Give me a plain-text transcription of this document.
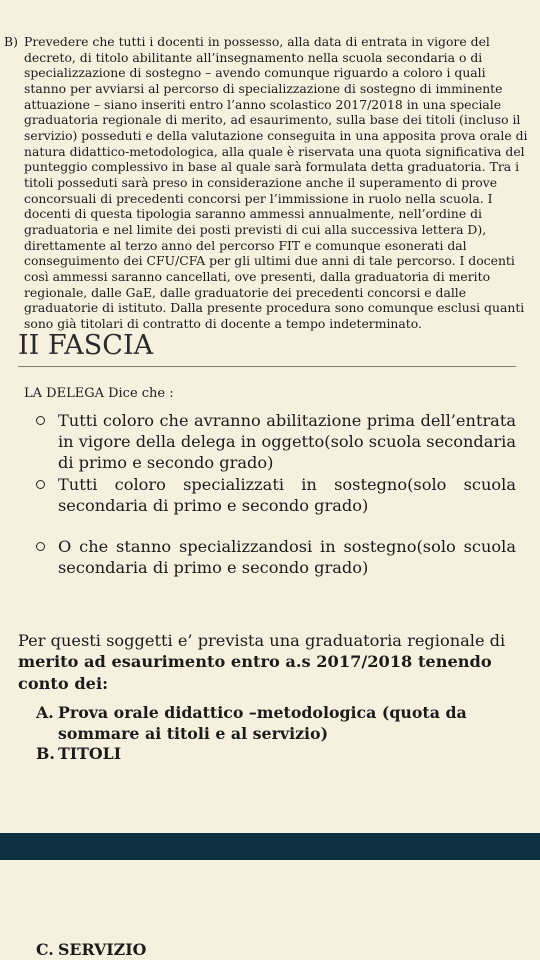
B) Prevedere che tutti i docenti in possesso, alla data di entrata in vigore del decreto, di titolo abilitante all’insegnamento nella scuola secondaria o di specializzazione di sostegno – avendo comunque riguardo a coloro i quali stanno per avviarsi al percorso di specializzazione di sostegno di imminente attuazione – siano inseriti entro l’anno scolastico 2017/2018 in una speciale graduatoria regionale di merito, ad esaurimento, sulla base dei titoli (incluso il servizio) posseduti e della valutazione conseguita in una apposita prova orale di natura didattico-metodologica, alla quale è riservata una quota significativa del punteggio complessivo in base al quale sarà formulata detta graduatoria. Tra i titoli posseduti sarà preso in considerazione anche il superamento di prove concorsuali di precedenti concorsi per l’immissione in ruolo nella scuola. I docenti di questa tipologia saranno ammessi annualmente, nell’ordine di graduatoria e nel limite dei posti previsti di cui alla successiva lettera D), direttamente al terzo anno del percorso FIT e comunque esonerati dal conseguimento dei CFU/CFA per gli ultimi due anni di tale percorso. I docenti così ammessi saranno cancellati, ove presenti, dalla graduatoria di merito regionale, dalle GaE, dalle graduatorie dei precedenti concorsi e dalle graduatorie di istituto. Dalla presente procedura sono comunque esclusi quanti sono già titolari di contratto di docente a tempo indeterminato.
II FASCIA
LA DELEGA Dice che :
Tutti coloro che avranno abilitazione prima dell’entrata in vigore della delega in oggetto(solo scuola secondaria di primo e secondo grado)
Tutti coloro specializzati in sostegno(solo scuola secondaria di primo e secondo grado)
O che stanno specializzandosi in sostegno(solo scuola secondaria di primo e secondo grado)

Per questi soggetti e’ prevista una graduatoria regionale di merito ad esaurimento entro a.s 2017/2018 tenendo conto dei:

A. Prova orale didattico –metodologica (quota da sommare ai titoli e al servizio)
B. TITOLI
C. SERVIZIO
